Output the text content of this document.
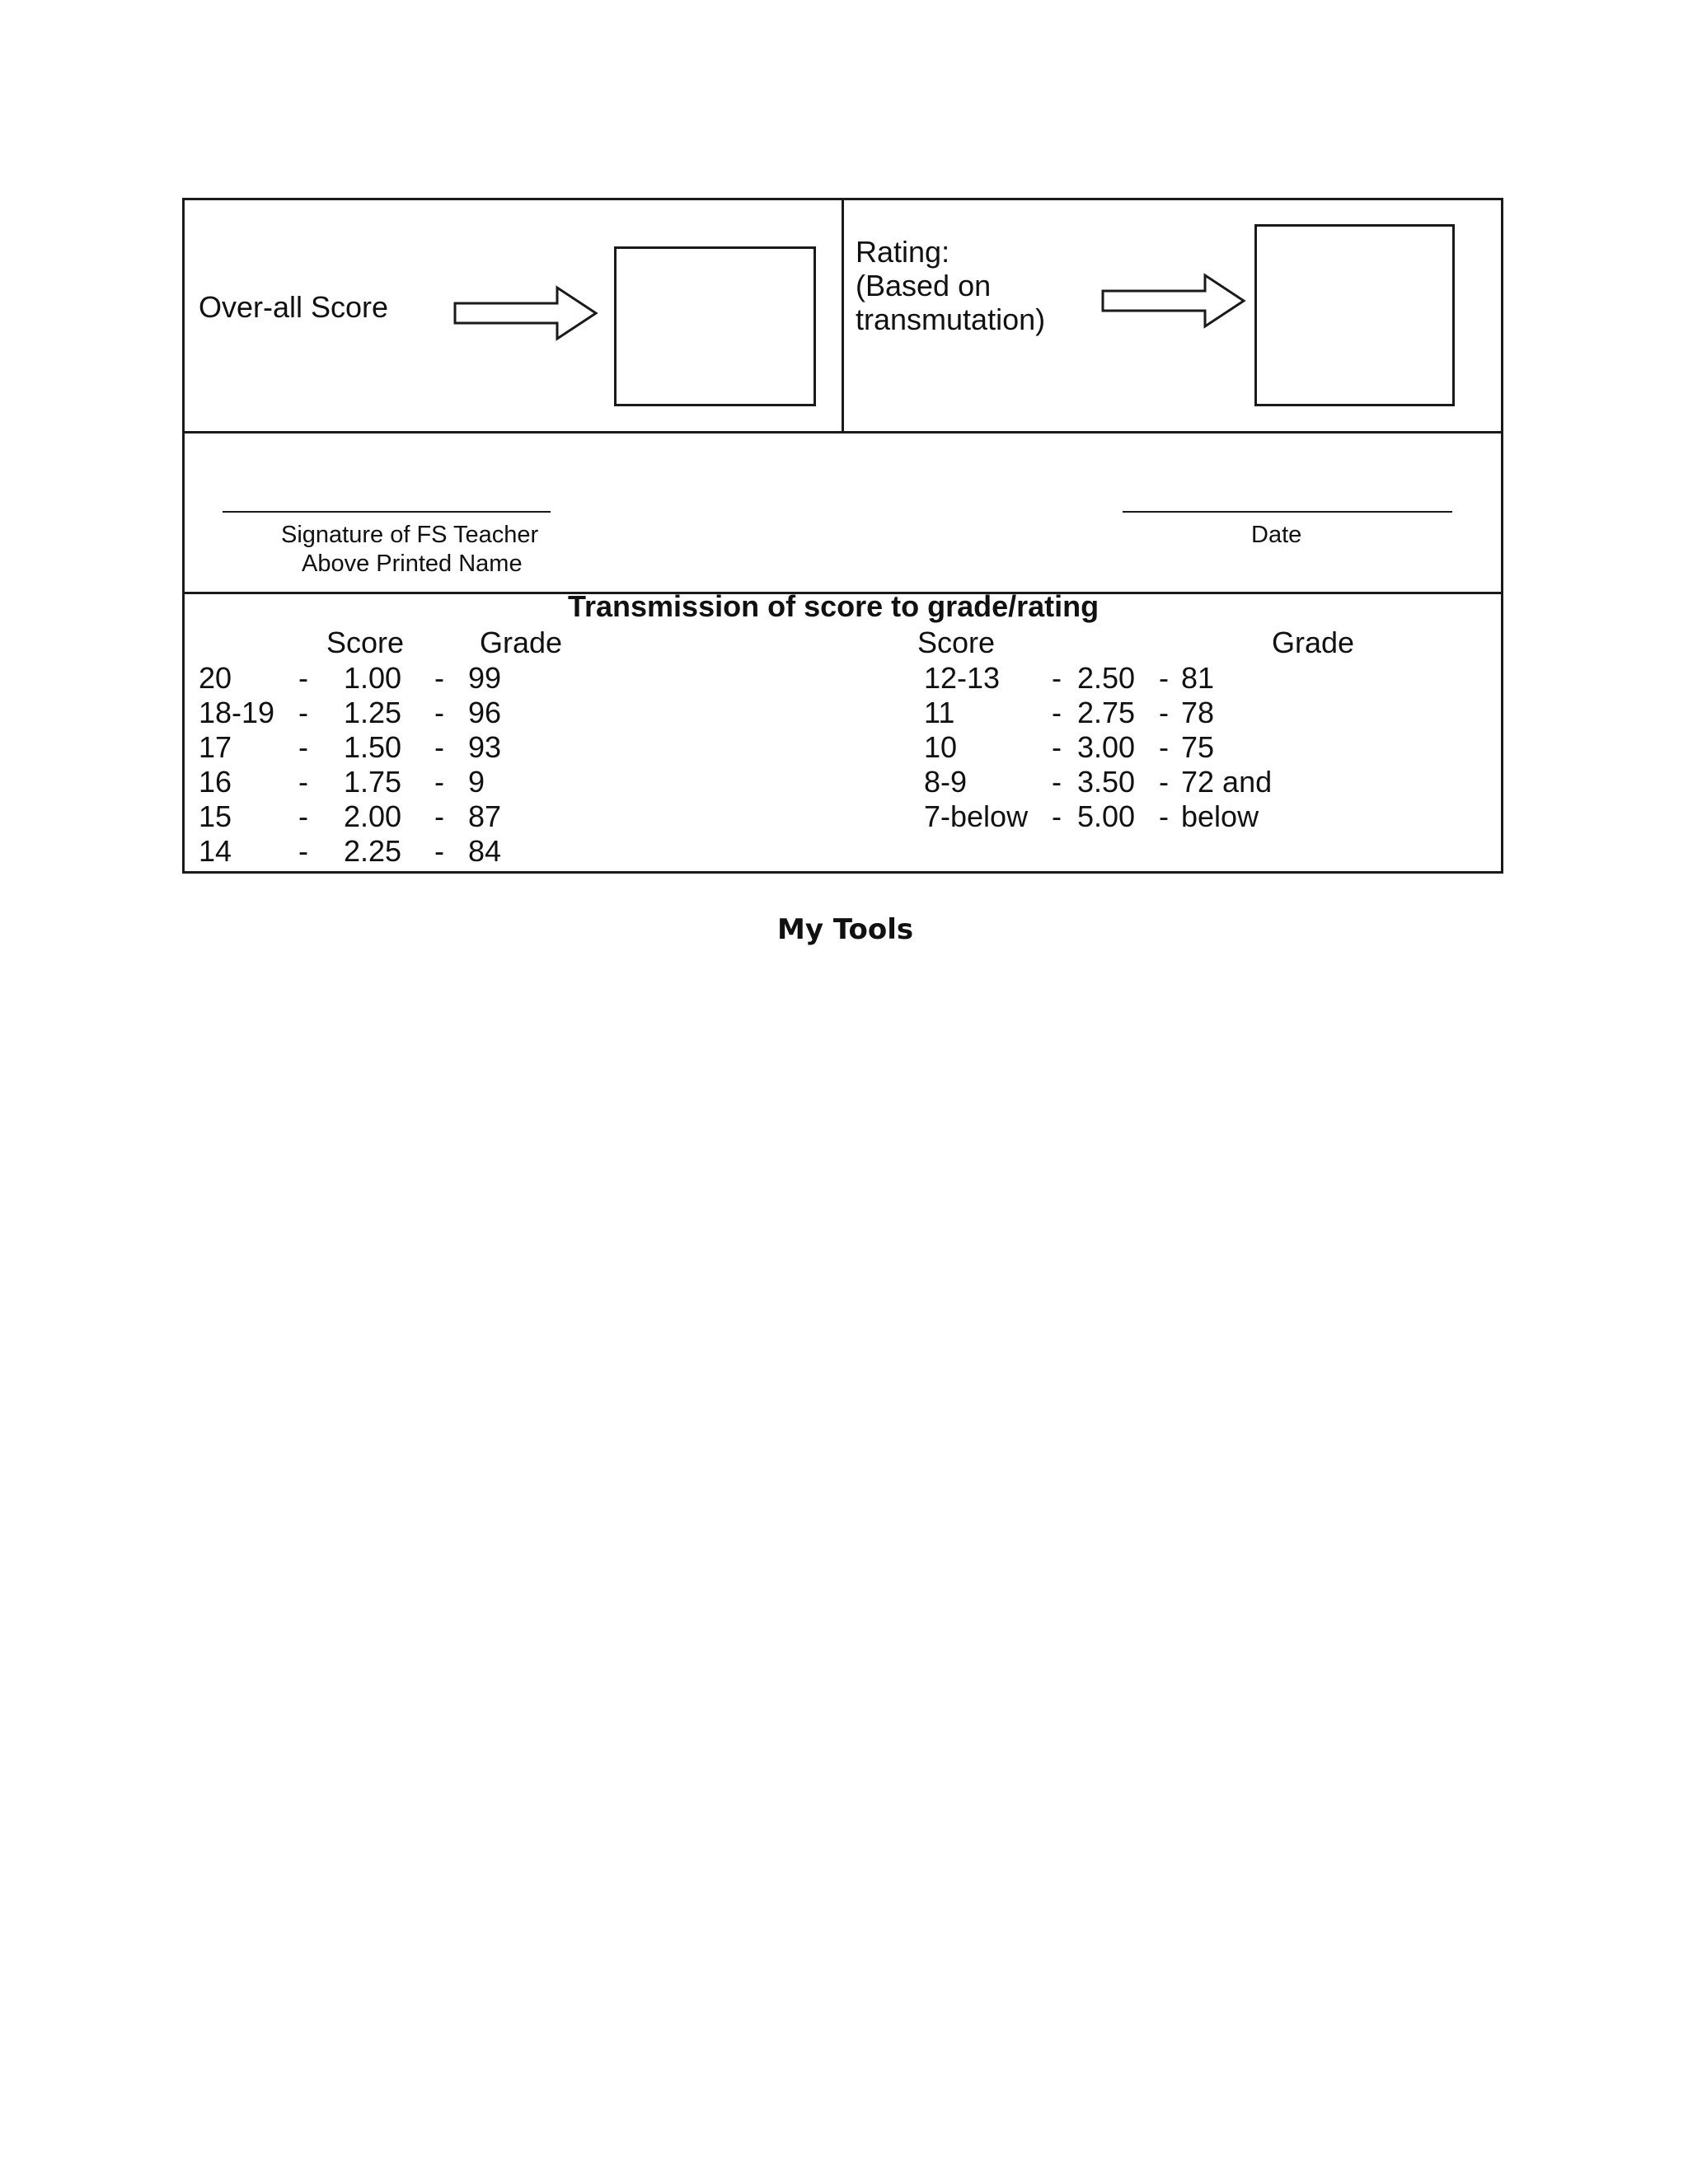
Over-all Score
Rating:
(Based on
transmutation)
Signature of FS Teacher
Above Printed Name
Date
Transmission of score to grade/rating
Score	Grade	Score	Grade
20 - 1.00 - 99
18-19 - 1.25 - 96
17 - 1.50 - 93
16 - 1.75 - 9
15 - 2.00 - 87
14 - 2.25 - 84
12-13 - 2.50 - 81
11	- 2.75 - 78
10	- 3.00 - 75
8-9	- 3.50 - 72 and
7-below - 5.00 - below
My Tools
